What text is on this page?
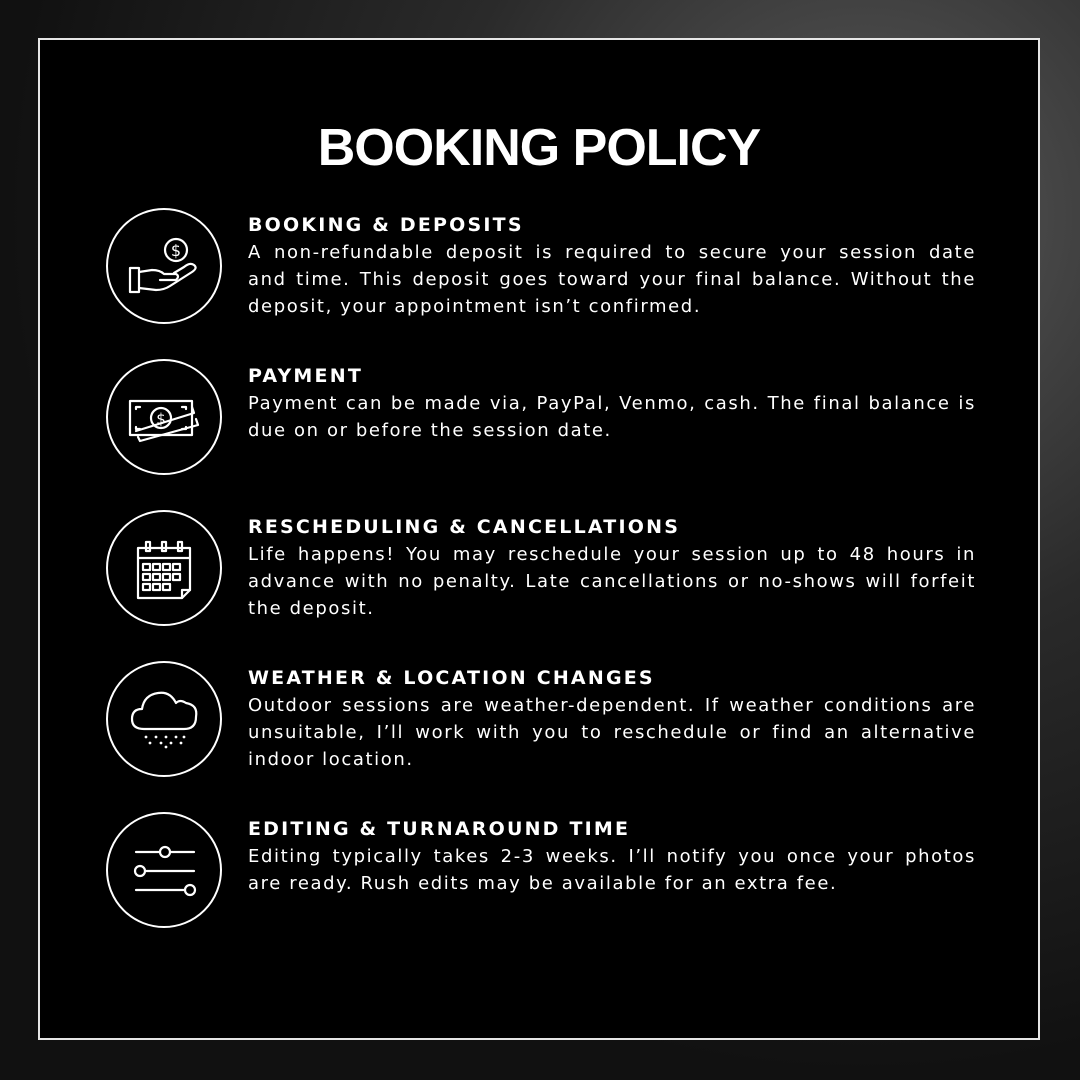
BOOKING POLICY
$
BOOKING & DEPOSITS
A non-refundable deposit is required to secure your session date and time. This deposit goes toward your final balance. Without the deposit, your appointment isn’t confirmed.
$
PAYMENT
Payment can be made via, PayPal, Venmo, cash. The final balance is due on or before the session date.
RESCHEDULING & CANCELLATIONS
Life happens! You may reschedule your session up to 48 hours in advance with no penalty. Late cancellations or no-shows will forfeit the deposit.
WEATHER & LOCATION CHANGES
Outdoor sessions are weather-dependent. If weather conditions are unsuitable, I’ll work with you to reschedule or find an alternative indoor location.
EDITING & TURNAROUND TIME
Editing typically takes 2-3 weeks. I’ll notify you once your photos are ready. Rush edits may be available for an extra fee.
